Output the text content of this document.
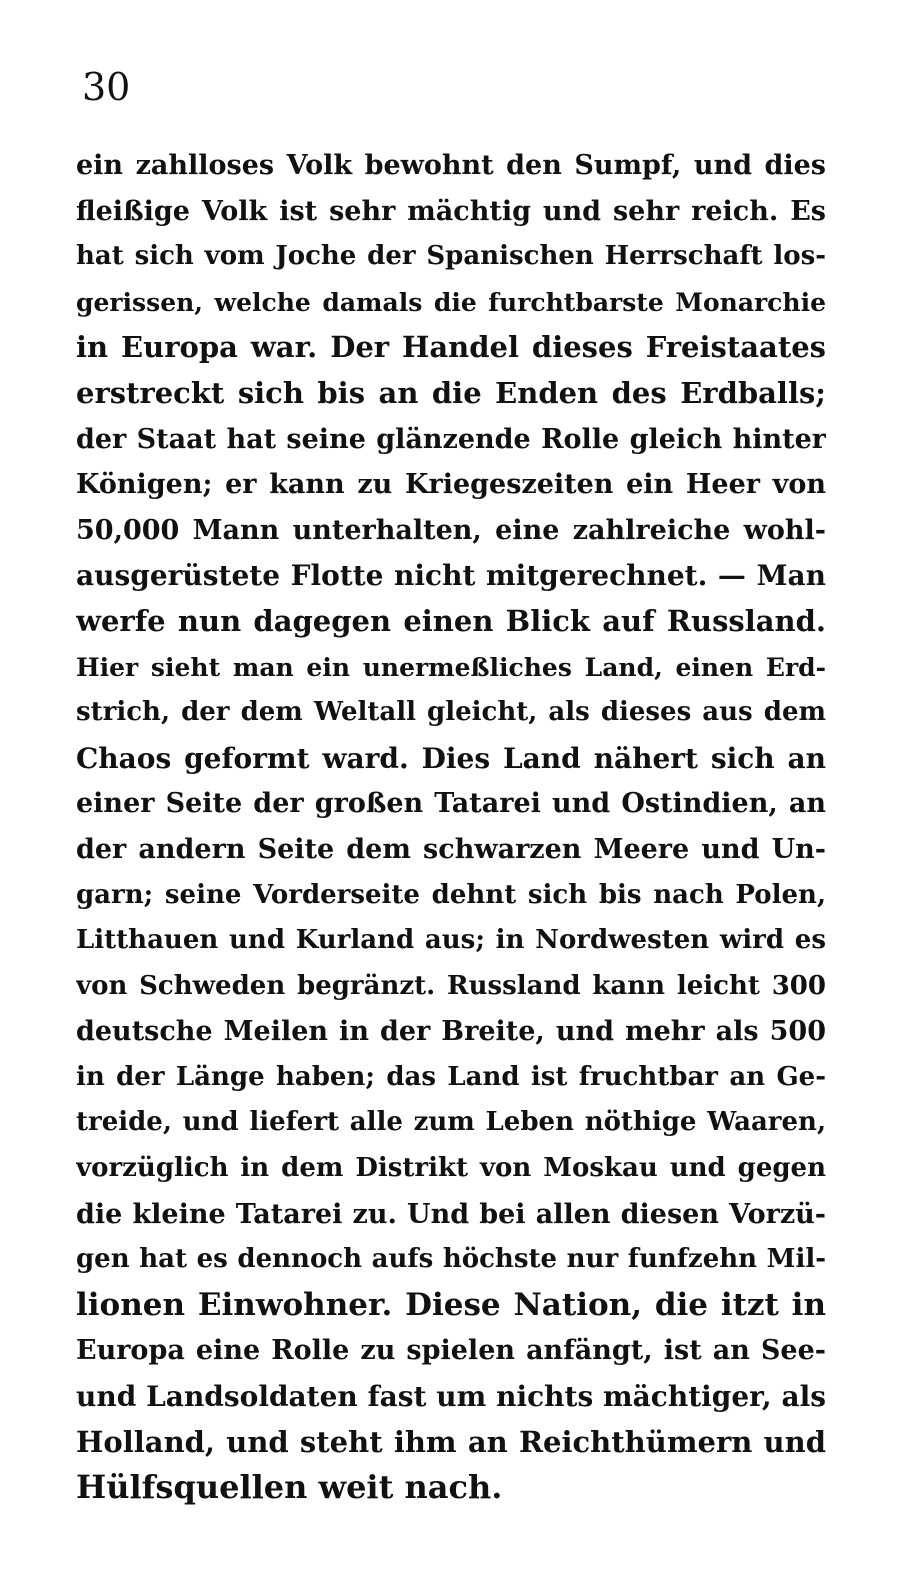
30
ein zahlloses Volk bewohnt den Sumpf, und dies
fleißige Volk ist sehr mächtig und sehr reich. Es
hat sich vom Joche der Spanischen Herrschaft los-
gerissen, welche damals die furchtbarste Monarchie
in Europa war. Der Handel dieses Freistaates
erstreckt sich bis an die Enden des Erdballs;
der Staat hat seine glänzende Rolle gleich hinter
Königen; er kann zu Kriegeszeiten ein Heer von
50,000 Mann unterhalten, eine zahlreiche wohl-
ausgerüstete Flotte nicht mitgerechnet. — Man
werfe nun dagegen einen Blick auf Russland.
Hier sieht man ein unermeßliches Land, einen Erd-
strich, der dem Weltall gleicht, als dieses aus dem
Chaos geformt ward. Dies Land nähert sich an
einer Seite der großen Tatarei und Ostindien, an
der andern Seite dem schwarzen Meere und Un-
garn; seine Vorderseite dehnt sich bis nach Polen,
Litthauen und Kurland aus; in Nordwesten wird es
von Schweden begränzt. Russland kann leicht 300
deutsche Meilen in der Breite, und mehr als 500
in der Länge haben; das Land ist fruchtbar an Ge-
treide, und liefert alle zum Leben nöthige Waaren,
vorzüglich in dem Distrikt von Moskau und gegen
die kleine Tatarei zu. Und bei allen diesen Vorzü-
gen hat es dennoch aufs höchste nur funfzehn Mil-
lionen Einwohner. Diese Nation, die itzt in
Europa eine Rolle zu spielen anfängt, ist an See-
und Landsoldaten fast um nichts mächtiger, als
Holland, und steht ihm an Reichthümern und
Hülfsquellen weit nach.
